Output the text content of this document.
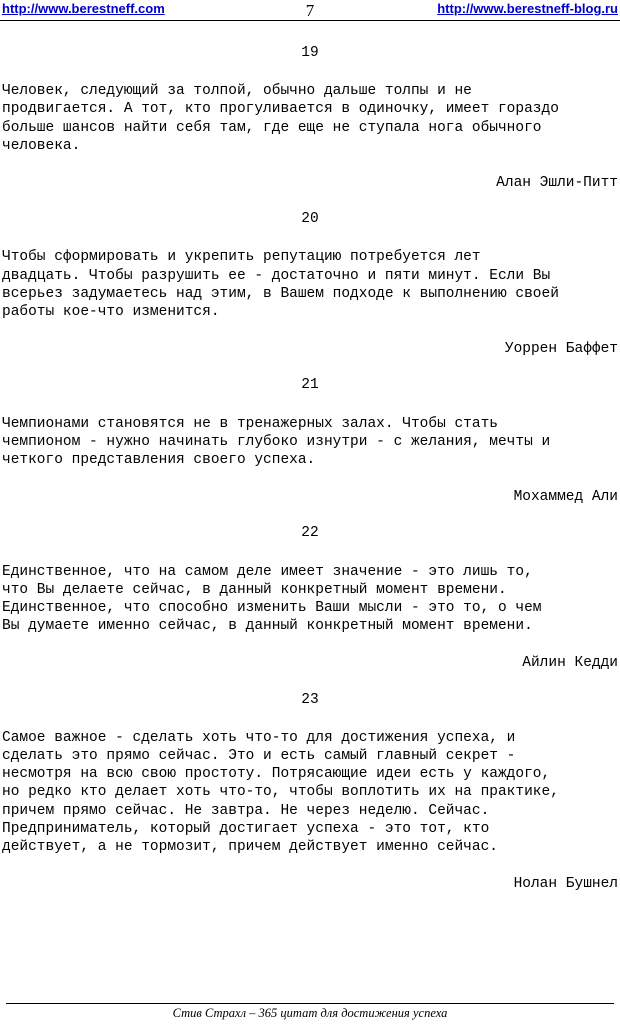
http://www.berestneff.com	7	http://www.berestneff-blog.ru
19
Человек, следующий за толпой, обычно дальше толпы и не
продвигается. А тот, кто прогуливается в одиночку, имеет гораздо
больше шансов найти себя там, где еще не ступала нога обычного
человека.
Алан Эшли-Питт
20
Чтобы сформировать и укрепить репутацию потребуется лет
двадцать. Чтобы разрушить ее - достаточно и пяти минут. Если Вы
всерьез задумаетесь над этим, в Вашем подходе к выполнению своей
работы кое-что изменится.
Уоррен Баффет
21
Чемпионами становятся не в тренажерных залах. Чтобы стать
чемпионом - нужно начинать глубоко изнутри - с желания, мечты и
четкого представления своего успеха.
Мохаммед Али
22
Единственное, что на самом деле имеет значение - это лишь то,
что Вы делаете сейчас, в данный конкретный момент времени.
Единственное, что способно изменить Ваши мысли - это то, о чем
Вы думаете именно сейчас, в данный конкретный момент времени.
Айлин Кедди
23
Самое важное - сделать хоть что-то для достижения успеха, и
сделать это прямо сейчас. Это и есть самый главный секрет -
несмотря на всю свою простоту. Потрясающие идеи есть у каждого,
но редко кто делает хоть что-то, чтобы воплотить их на практике,
причем прямо сейчас. Не завтра. Не через неделю. Сейчас.
Предприниматель, который достигает успеха - это тот, кто
действует, а не тормозит, причем действует именно сейчас.
Нолан Бушнел
Стив Страхл – 365 цитат для достижения успеха
